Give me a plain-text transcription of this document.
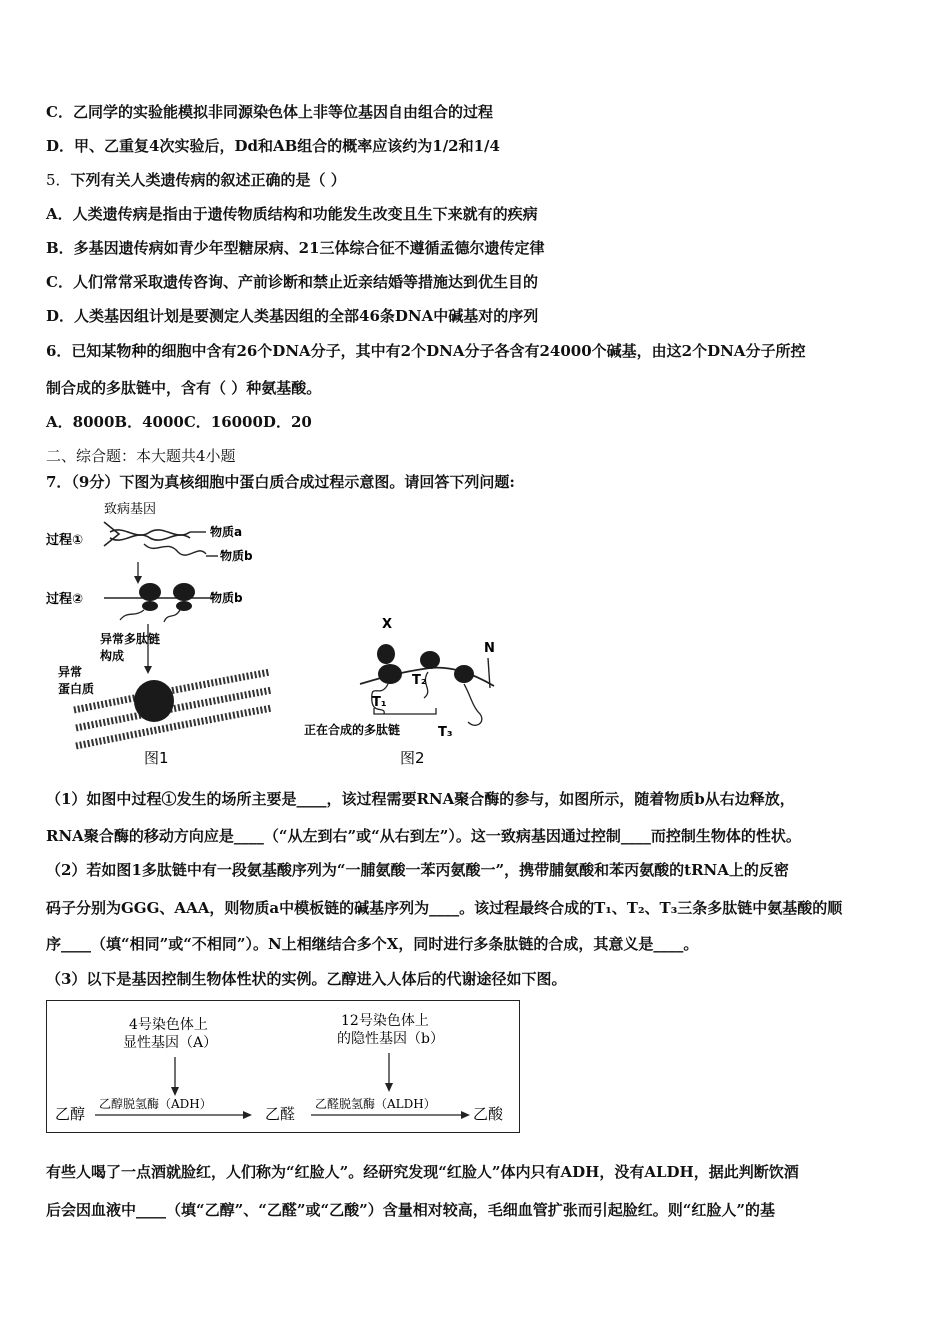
C．乙同学的实验能模拟非同源染色体上非等位基因自由组合的过程
D．甲、乙重复4次实验后，Dd和AB组合的概率应该约为1/2和1/4
5．下列有关人类遗传病的叙述正确的是（ ）
A．人类遗传病是指由于遗传物质结构和功能发生改变且生下来就有的疾病
B．多基因遗传病如青少年型糖尿病、21三体综合征不遵循孟德尔遗传定律
C．人们常常采取遗传咨询、产前诊断和禁止近亲结婚等措施达到优生目的
D．人类基因组计划是要测定人类基因组的全部46条DNA中碱基对的序列
6．已知某物种的细胞中含有26个DNA分子，其中有2个DNA分子各含有24000个碱基，由这2个DNA分子所控
制合成的多肽链中，含有（ ）种氨基酸。
A．8000B．4000C．16000D．20
二、综合题：本大题共4小题
7．（9分）下图为真核细胞中蛋白质合成过程示意图。请回答下列问题:
致病基因
过程①
物质a
物质b
过程②	物质b
异常多肽链
构成
异常
蛋白质
图1
X
N
T₁
T₂
T₃
正在合成的多肽链
图2
（1）如图中过程①发生的场所主要是____，该过程需要RNA聚合酶的参与，如图所示，随着物质b从右边释放，
RNA聚合酶的移动方向应是____（“从左到右”或“从右到左”）。这一致病基因通过控制____而控制生物体的性状。
（2）若如图1多肽链中有一段氨基酸序列为“一脯氨酸一苯丙氨酸一”，携带脯氨酸和苯丙氨酸的tRNA上的反密
码子分别为GGG、AAA，则物质a中模板链的碱基序列为____。该过程最终合成的T₁、T₂、T₃三条多肽链中氨基酸的顺
序____（填“相同”或“不相同”）。N上相继结合多个X，同时进行多条肽链的合成，其意义是____。
（3）以下是基因控制生物体性状的实例。乙醇进入人体后的代谢途径如下图。
4号染色体上
显性基因（A）
12号染色体上
的隐性基因（b）
乙醇
乙醇脱氢酶（ADH）
乙醛
乙醛脱氢酶（ALDH）
乙酸
有些人喝了一点酒就脸红，人们称为“红脸人”。经研究发现“红脸人”体内只有ADH，没有ALDH，据此判断饮酒
后会因血液中____（填“乙醇”、“乙醛”或“乙酸”）含量相对较高，毛细血管扩张而引起脸红。则“红脸人”的基
